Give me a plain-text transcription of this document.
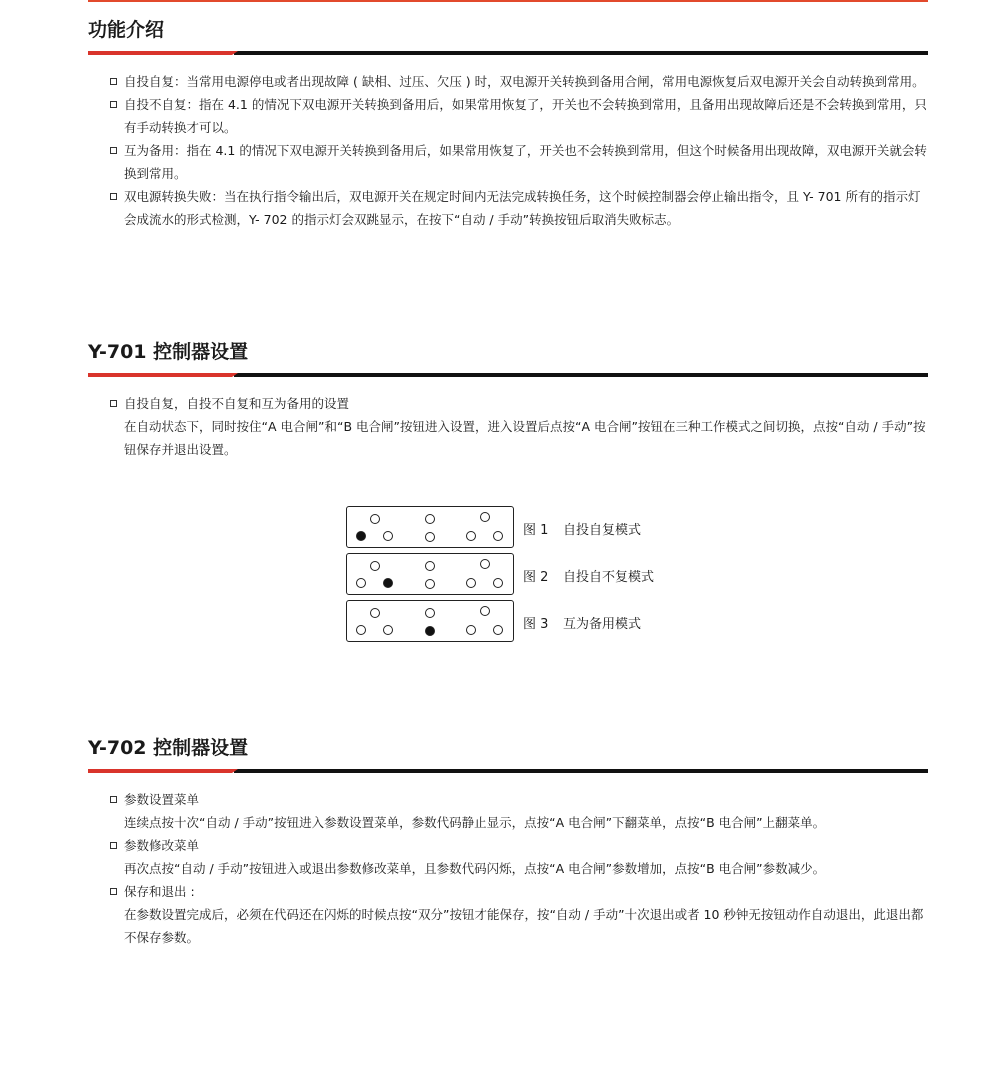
功能介绍
自投自复：当常用电源停电或者出现故障 ( 缺相、过压、欠压 ) 时，双电源开关转换到备用合闸，常用电源恢复后双电源开关会自动转换到常用。
自投不自复：指在 4.1 的情况下双电源开关转换到备用后，如果常用恢复了，开关也不会转换到常用，且备用出现故障后还是不会转换到常用，只有手动转换才可以。
互为备用：指在 4.1 的情况下双电源开关转换到备用后，如果常用恢复了，开关也不会转换到常用，但这个时候备用出现故障，双电源开关就会转换到常用。
双电源转换失败：当在执行指令输出后，双电源开关在规定时间内无法完成转换任务，这个时候控制器会停止输出指令，且 Y- 701 所有的指示灯会成流水的形式检测，Y- 702 的指示灯会双跳显示，在按下“自动 / 手动”转换按钮后取消失败标志。
Y-701 控制器设置
自投自复，自投不自复和互为备用的设置
在自动状态下，同时按住“A 电合闸”和“B 电合闸”按钮进入设置，进入设置后点按“A 电合闸”按钮在三种工作模式之间切换，点按“自动 / 手动”按钮保存并退出设置。
图 1 自投自复模式
图 2 自投自不复模式
图 3 互为备用模式
Y-702 控制器设置
参数设置菜单
连续点按十次“自动 / 手动”按钮进入参数设置菜单，参数代码静止显示，点按“A 电合闸”下翻菜单，点按“B 电合闸”上翻菜单。
参数修改菜单
再次点按“自动 / 手动”按钮进入或退出参数修改菜单，且参数代码闪烁，点按“A 电合闸”参数增加，点按“B 电合闸”参数减少。
保存和退出 :
在参数设置完成后，必须在代码还在闪烁的时候点按“双分”按钮才能保存，按“自动 / 手动”十次退出或者 10 秒钟无按钮动作自动退出，此退出都不保存参数。
